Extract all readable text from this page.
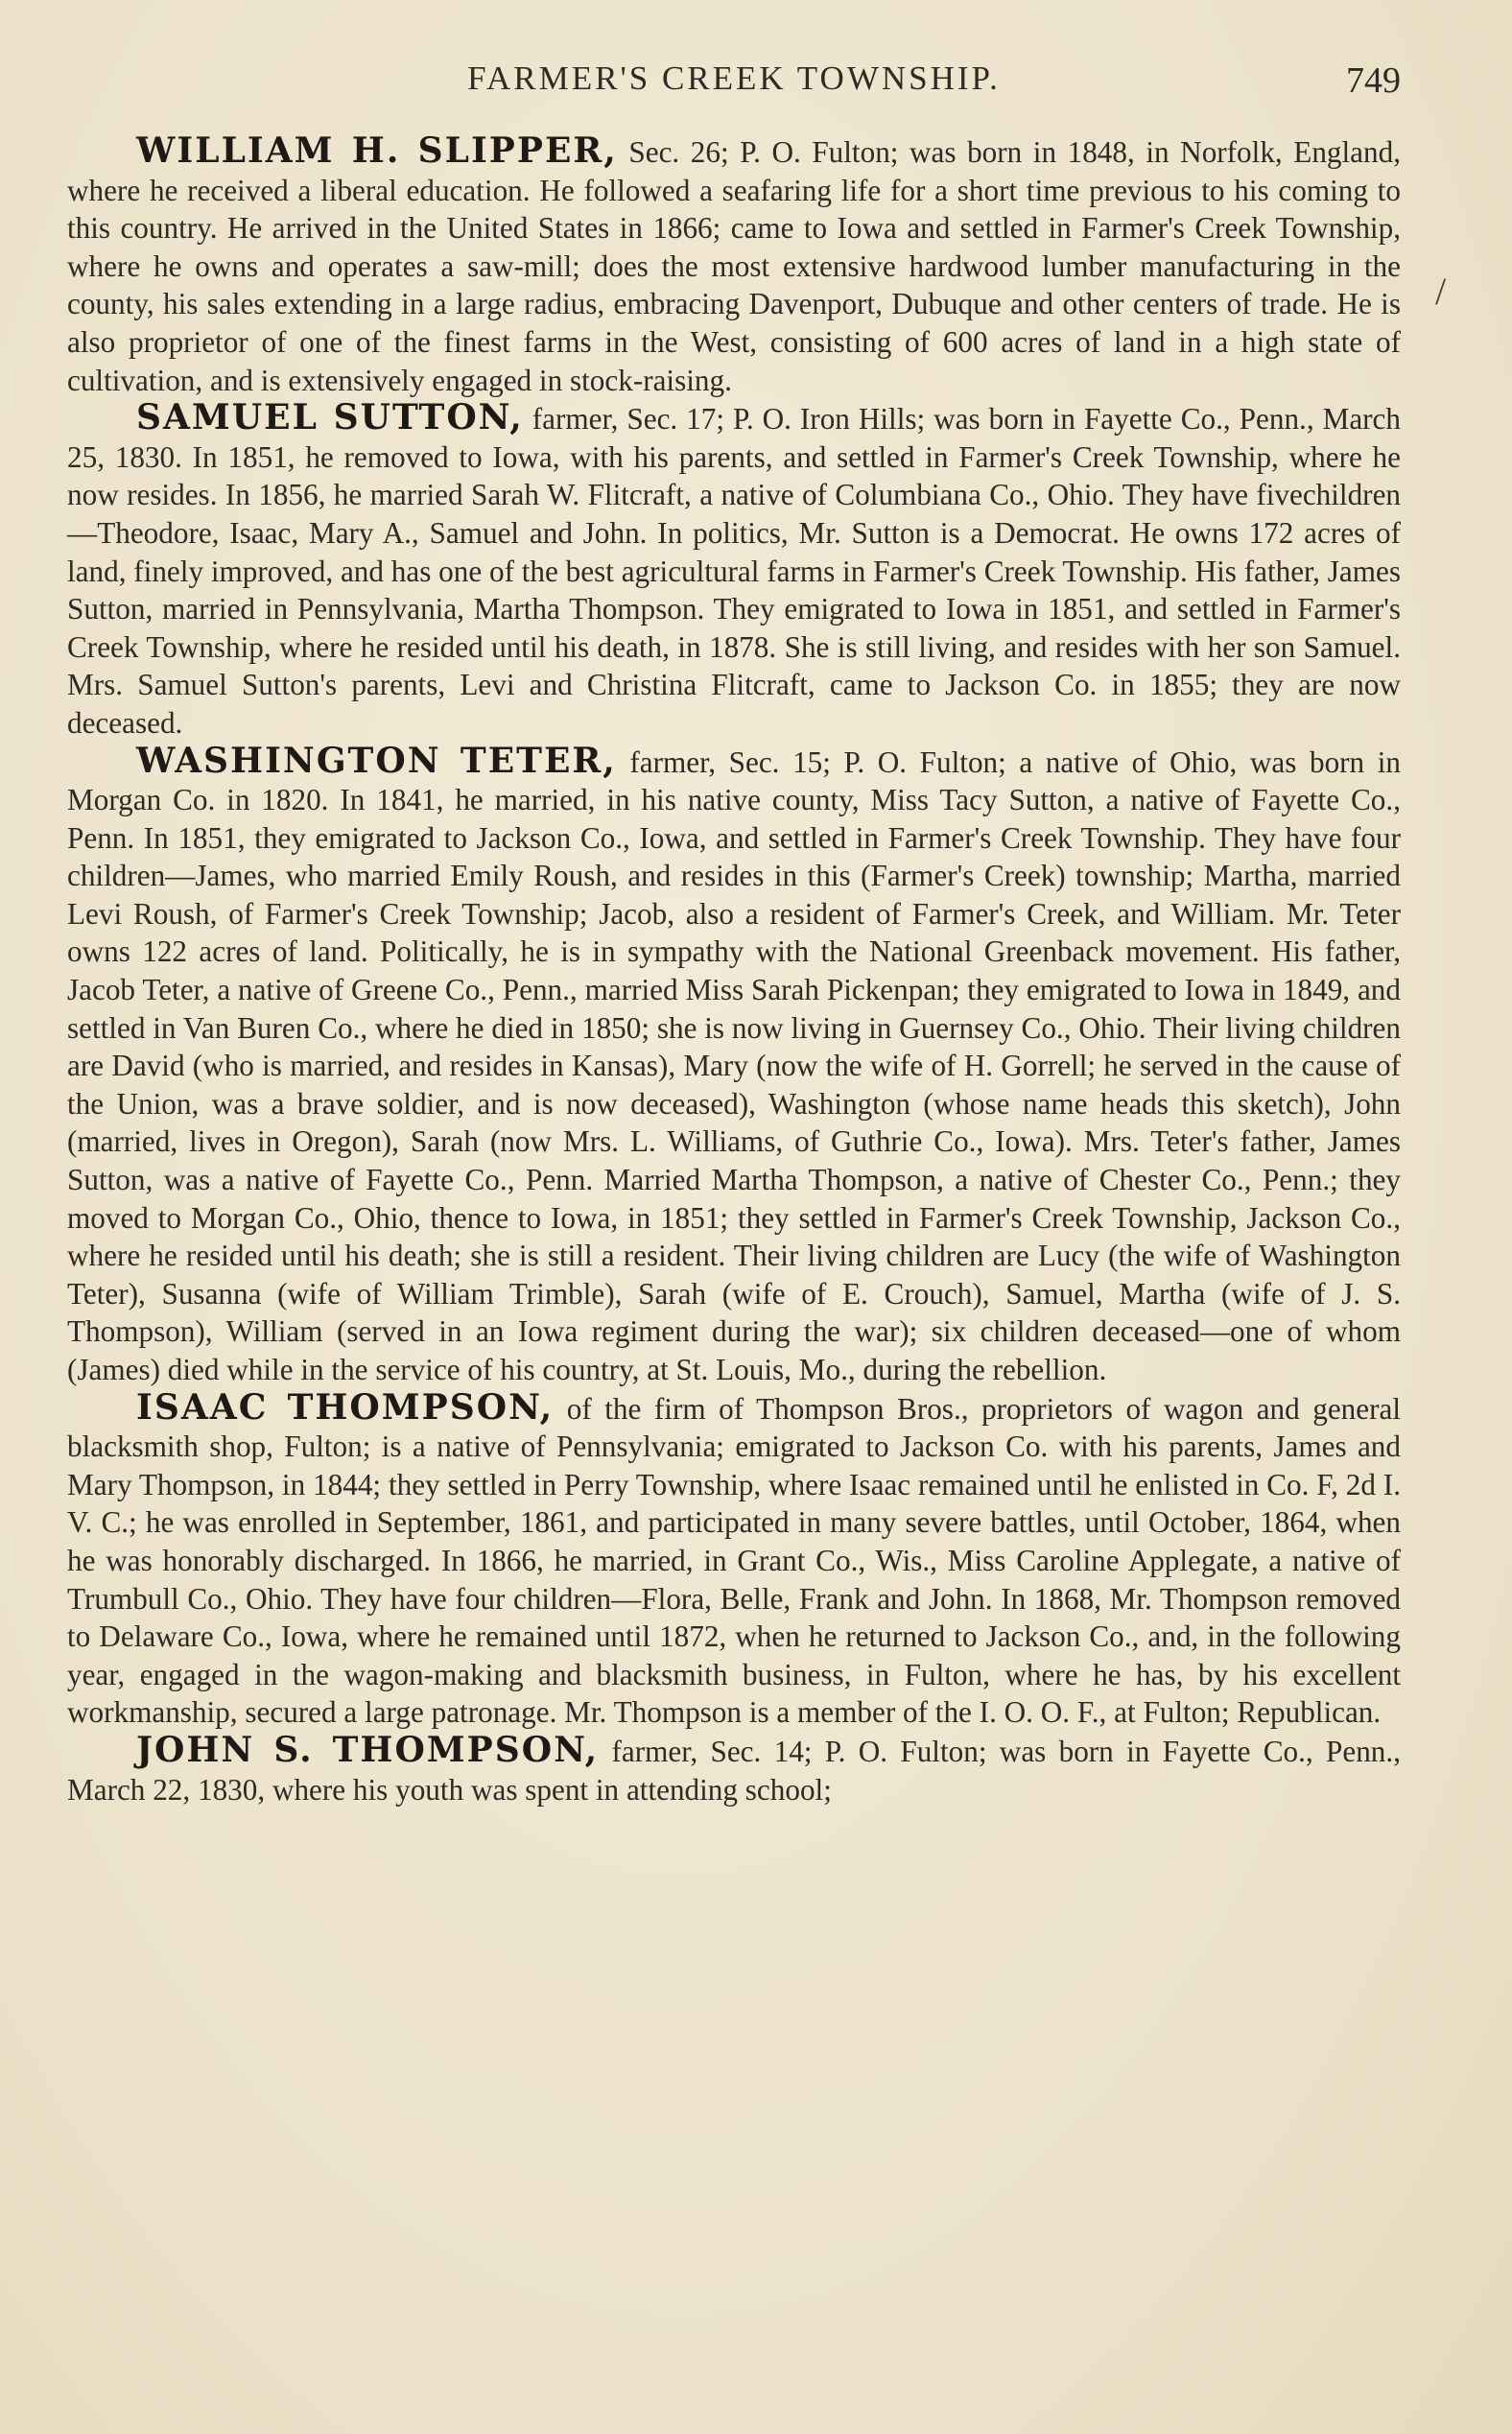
FARMER'S CREEK TOWNSHIP.	749
/

WILLIAM H. SLIPPER, Sec. 26; P. O. Fulton; was born in 1848, in Norfolk, England, where he received a liberal education. He followed a seafaring life for a short time previous to his coming to this country. He arrived in the United States in 1866; came to Iowa and settled in Farmer's Creek Township, where he owns and operates a saw-mill; does the most extensive hardwood lumber manufacturing in the county, his sales extending in a large radius, embracing Davenport, Dubuque and other centers of trade. He is also proprietor of one of the finest farms in the West, consisting of 600 acres of land in a high state of cultivation, and is extensively engaged in stock-raising.

SAMUEL SUTTON, farmer, Sec. 17; P. O. Iron Hills; was born in Fayette Co., Penn., March 25, 1830. In 1851, he removed to Iowa, with his parents, and settled in Farmer's Creek Township, where he now resides. In 1856, he married Sarah W. Flitcraft, a native of Columbiana Co., Ohio. They have fivechildren—Theodore, Isaac, Mary A., Samuel and John. In politics, Mr. Sutton is a Democrat. He owns 172 acres of land, finely improved, and has one of the best agricultural farms in Farmer's Creek Township. His father, James Sutton, married in Pennsylvania, Martha Thompson. They emigrated to Iowa in 1851, and settled in Farmer's Creek Township, where he resided until his death, in 1878. She is still living, and resides with her son Samuel. Mrs. Samuel Sutton's parents, Levi and Christina Flitcraft, came to Jackson Co. in 1855; they are now deceased.

WASHINGTON TETER, farmer, Sec. 15; P. O. Fulton; a native of Ohio, was born in Morgan Co. in 1820. In 1841, he married, in his native county, Miss Tacy Sutton, a native of Fayette Co., Penn. In 1851, they emigrated to Jackson Co., Iowa, and settled in Farmer's Creek Township. They have four children—James, who married Emily Roush, and resides in this (Farmer's Creek) township; Martha, married Levi Roush, of Farmer's Creek Township; Jacob, also a resident of Farmer's Creek, and William. Mr. Teter owns 122 acres of land. Politically, he is in sympathy with the National Greenback movement. His father, Jacob Teter, a native of Greene Co., Penn., married Miss Sarah Pickenpan; they emigrated to Iowa in 1849, and settled in Van Buren Co., where he died in 1850; she is now living in Guernsey Co., Ohio. Their living children are David (who is married, and resides in Kansas), Mary (now the wife of H. Gorrell; he served in the cause of the Union, was a brave soldier, and is now deceased), Washington (whose name heads this sketch), John (married, lives in Oregon), Sarah (now Mrs. L. Williams, of Guthrie Co., Iowa). Mrs. Teter's father, James Sutton, was a native of Fayette Co., Penn. Married Martha Thompson, a native of Chester Co., Penn.; they moved to Morgan Co., Ohio, thence to Iowa, in 1851; they settled in Farmer's Creek Township, Jackson Co., where he resided until his death; she is still a resident. Their living children are Lucy (the wife of Washington Teter), Susanna (wife of William Trimble), Sarah (wife of E. Crouch), Samuel, Martha (wife of J. S. Thompson), William (served in an Iowa regiment during the war); six children deceased—one of whom (James) died while in the service of his country, at St. Louis, Mo., during the rebellion.

ISAAC THOMPSON, of the firm of Thompson Bros., proprietors of wagon and general blacksmith shop, Fulton; is a native of Pennsylvania; emigrated to Jackson Co. with his parents, James and Mary Thompson, in 1844; they settled in Perry Township, where Isaac remained until he enlisted in Co. F, 2d I. V. C.; he was enrolled in September, 1861, and participated in many severe battles, until October, 1864, when he was honorably discharged. In 1866, he married, in Grant Co., Wis., Miss Caroline Applegate, a native of Trumbull Co., Ohio. They have four children—Flora, Belle, Frank and John. In 1868, Mr. Thompson removed to Delaware Co., Iowa, where he remained until 1872, when he returned to Jackson Co., and, in the following year, engaged in the wagon-making and blacksmith business, in Fulton, where he has, by his excellent workmanship, secured a large patronage. Mr. Thompson is a member of the I. O. O. F., at Fulton; Republican.

JOHN S. THOMPSON, farmer, Sec. 14; P. O. Fulton; was born in Fayette Co., Penn., March 22, 1830, where his youth was spent in attending school;
